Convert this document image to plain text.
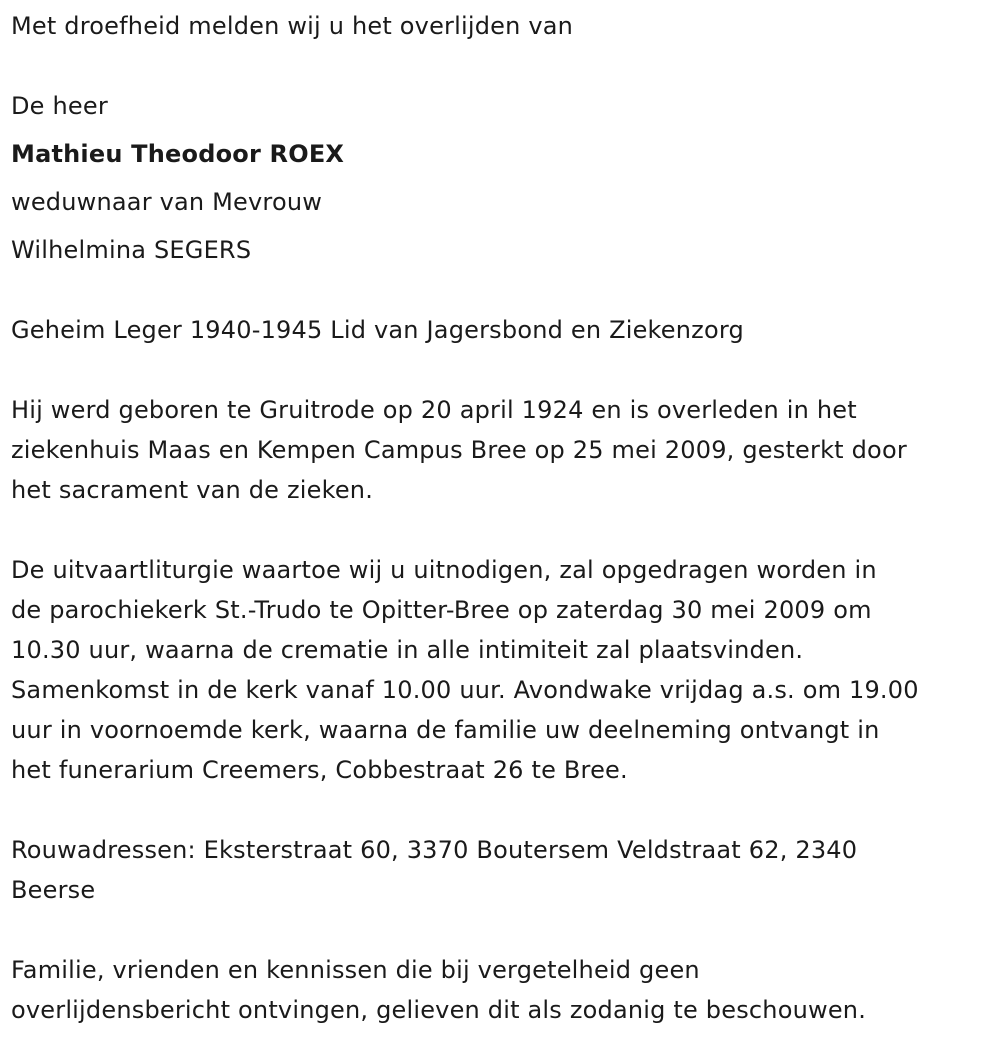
Met droefheid melden wij u het overlijden van
De heer
Mathieu Theodoor ROEX
weduwnaar van Mevrouw
Wilhelmina SEGERS
Geheim Leger 1940-1945 Lid van Jagersbond en Ziekenzorg
Hij werd geboren te Gruitrode op 20 april 1924 en is overleden in het
ziekenhuis Maas en Kempen Campus Bree op 25 mei 2009, gesterkt door
het sacrament van de zieken.
De uitvaartliturgie waartoe wij u uitnodigen, zal opgedragen worden in
de parochiekerk St.-Trudo te Opitter-Bree op zaterdag 30 mei 2009 om
10.30 uur, waarna de crematie in alle intimiteit zal plaatsvinden.
Samenkomst in de kerk vanaf 10.00 uur. Avondwake vrijdag a.s. om 19.00
uur in voornoemde kerk, waarna de familie uw deelneming ontvangt in
het funerarium Creemers, Cobbestraat 26 te Bree.
Rouwadressen: Eksterstraat 60, 3370 Boutersem Veldstraat 62, 2340
Beerse
Familie, vrienden en kennissen die bij vergetelheid geen
overlijdensbericht ontvingen, gelieven dit als zodanig te beschouwen.
